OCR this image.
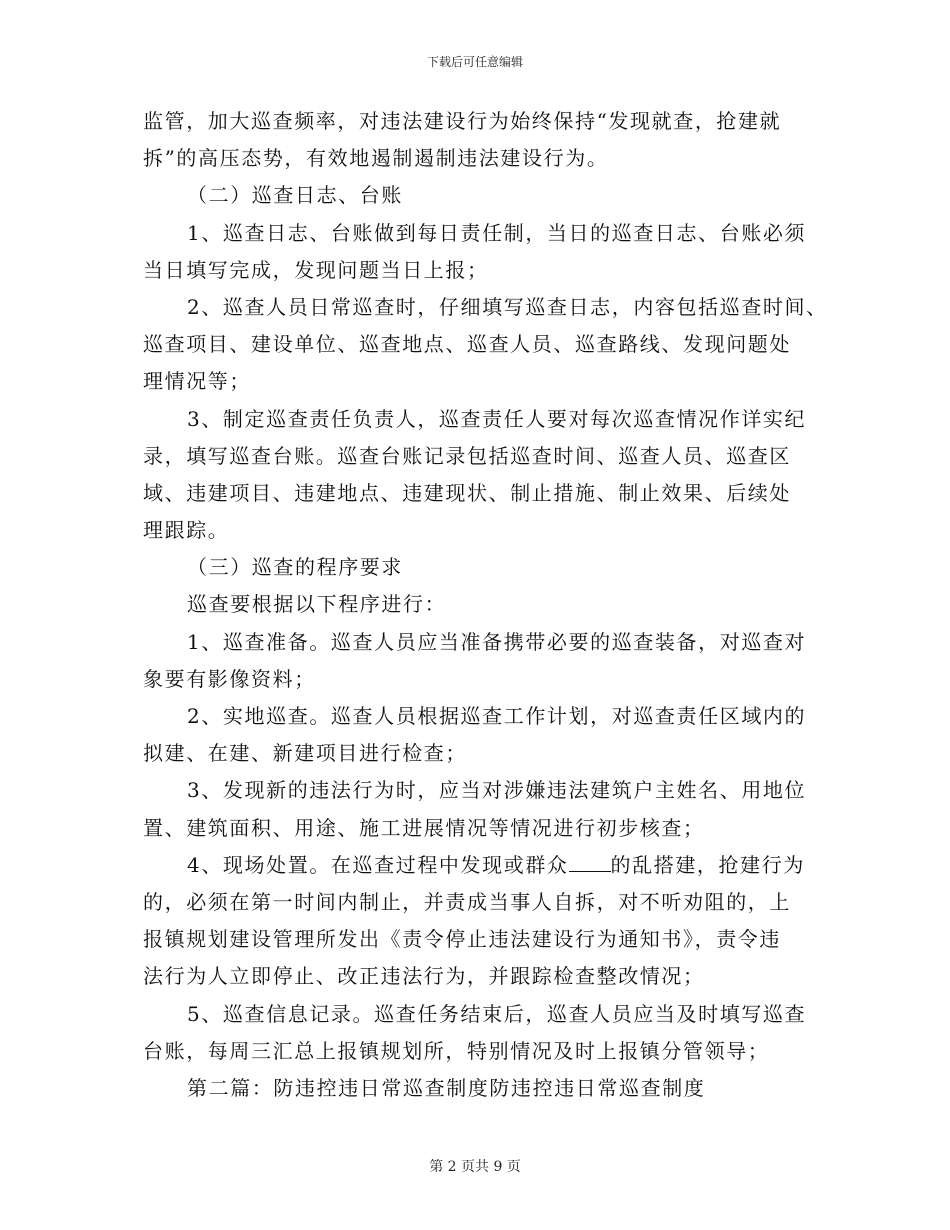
下载后可任意编辑
监管，加大巡查频率，对违法建设行为始终保持“发现就查，抢建就
拆”的高压态势，有效地遏制遏制违法建设行为。
（二）巡查日志、台账
1、巡查日志、台账做到每日责任制，当日的巡查日志、台账必须
当日填写完成，发现问题当日上报；
2、巡查人员日常巡查时，仔细填写巡查日志，内容包括巡查时间、
巡查项目、建设单位、巡查地点、巡查人员、巡查路线、发现问题处
理情况等；
3、制定巡查责任负责人，巡查责任人要对每次巡查情况作详实纪
录，填写巡查台账。巡查台账记录包括巡查时间、巡查人员、巡查区
域、违建项目、违建地点、违建现状、制止措施、制止效果、后续处
理跟踪。
（三）巡查的程序要求
巡查要根据以下程序进行：
1、巡查准备。巡查人员应当准备携带必要的巡查装备，对巡查对
象要有影像资料；
2、实地巡查。巡查人员根据巡查工作计划，对巡查责任区域内的
拟建、在建、新建项目进行检查；
3、发现新的违法行为时，应当对涉嫌违法建筑户主姓名、用地位
置、建筑面积、用途、施工进展情况等情况进行初步核查；
4、现场处置。在巡查过程中发现或群众 的乱搭建，抢建行为
的，必须在第一时间内制止，并责成当事人自拆，对不听劝阻的，上
报镇规划建设管理所发出《责令停止违法建设行为通知书》，责令违
法行为人立即停止、改正违法行为，并跟踪检查整改情况；
5、巡查信息记录。巡查任务结束后，巡查人员应当及时填写巡查
台账，每周三汇总上报镇规划所，特别情况及时上报镇分管领导；
第二篇：防违控违日常巡查制度防违控违日常巡查制度
第 2 页共 9 页
